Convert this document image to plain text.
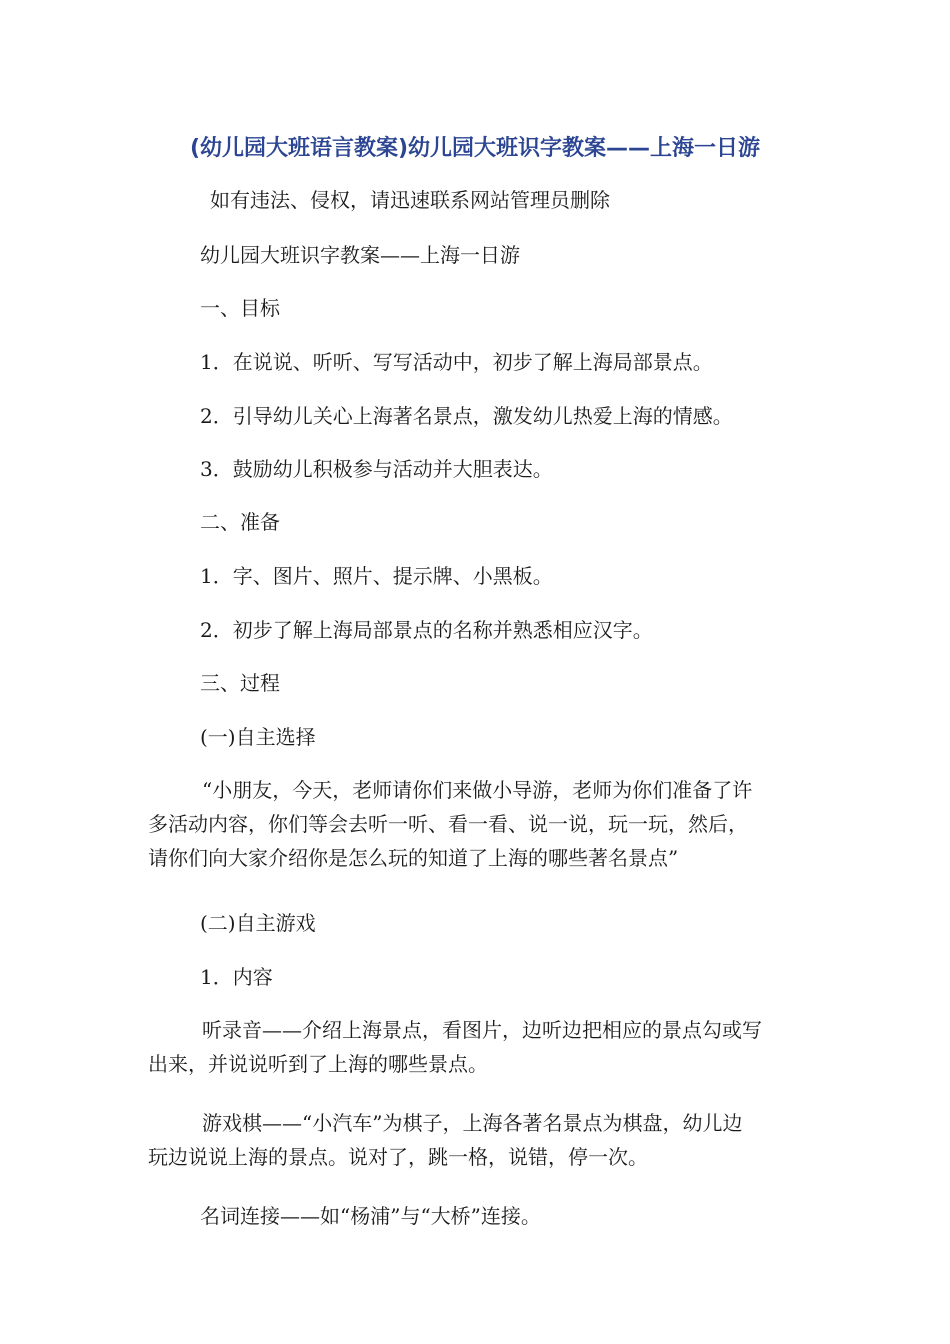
(幼儿园大班语言教案)幼儿园大班识字教案——上海一日游
如有违法、侵权，请迅速联系网站管理员删除
幼儿园大班识字教案——上海一日游
一、目标
1．在说说、听听、写写活动中，初步了解上海局部景点。
2．引导幼儿关心上海著名景点，激发幼儿热爱上海的情感。
3．鼓励幼儿积极参与活动并大胆表达。
二、准备
1．字、图片、照片、提示牌、小黑板。
2．初步了解上海局部景点的名称并熟悉相应汉字。
三、过程
(一)自主选择
“小朋友，今天，老师请你们来做小导游，老师为你们准备了许
多活动内容，你们等会去听一听、看一看、说一说，玩一玩，然后，
请你们向大家介绍你是怎么玩的知道了上海的哪些著名景点”
(二)自主游戏
1．内容
听录音——介绍上海景点，看图片，边听边把相应的景点勾或写
出来，并说说听到了上海的哪些景点。
游戏棋——“小汽车”为棋子，上海各著名景点为棋盘，幼儿边
玩边说说上海的景点。说对了，跳一格，说错，停一次。
名词连接——如“杨浦”与“大桥”连接。
